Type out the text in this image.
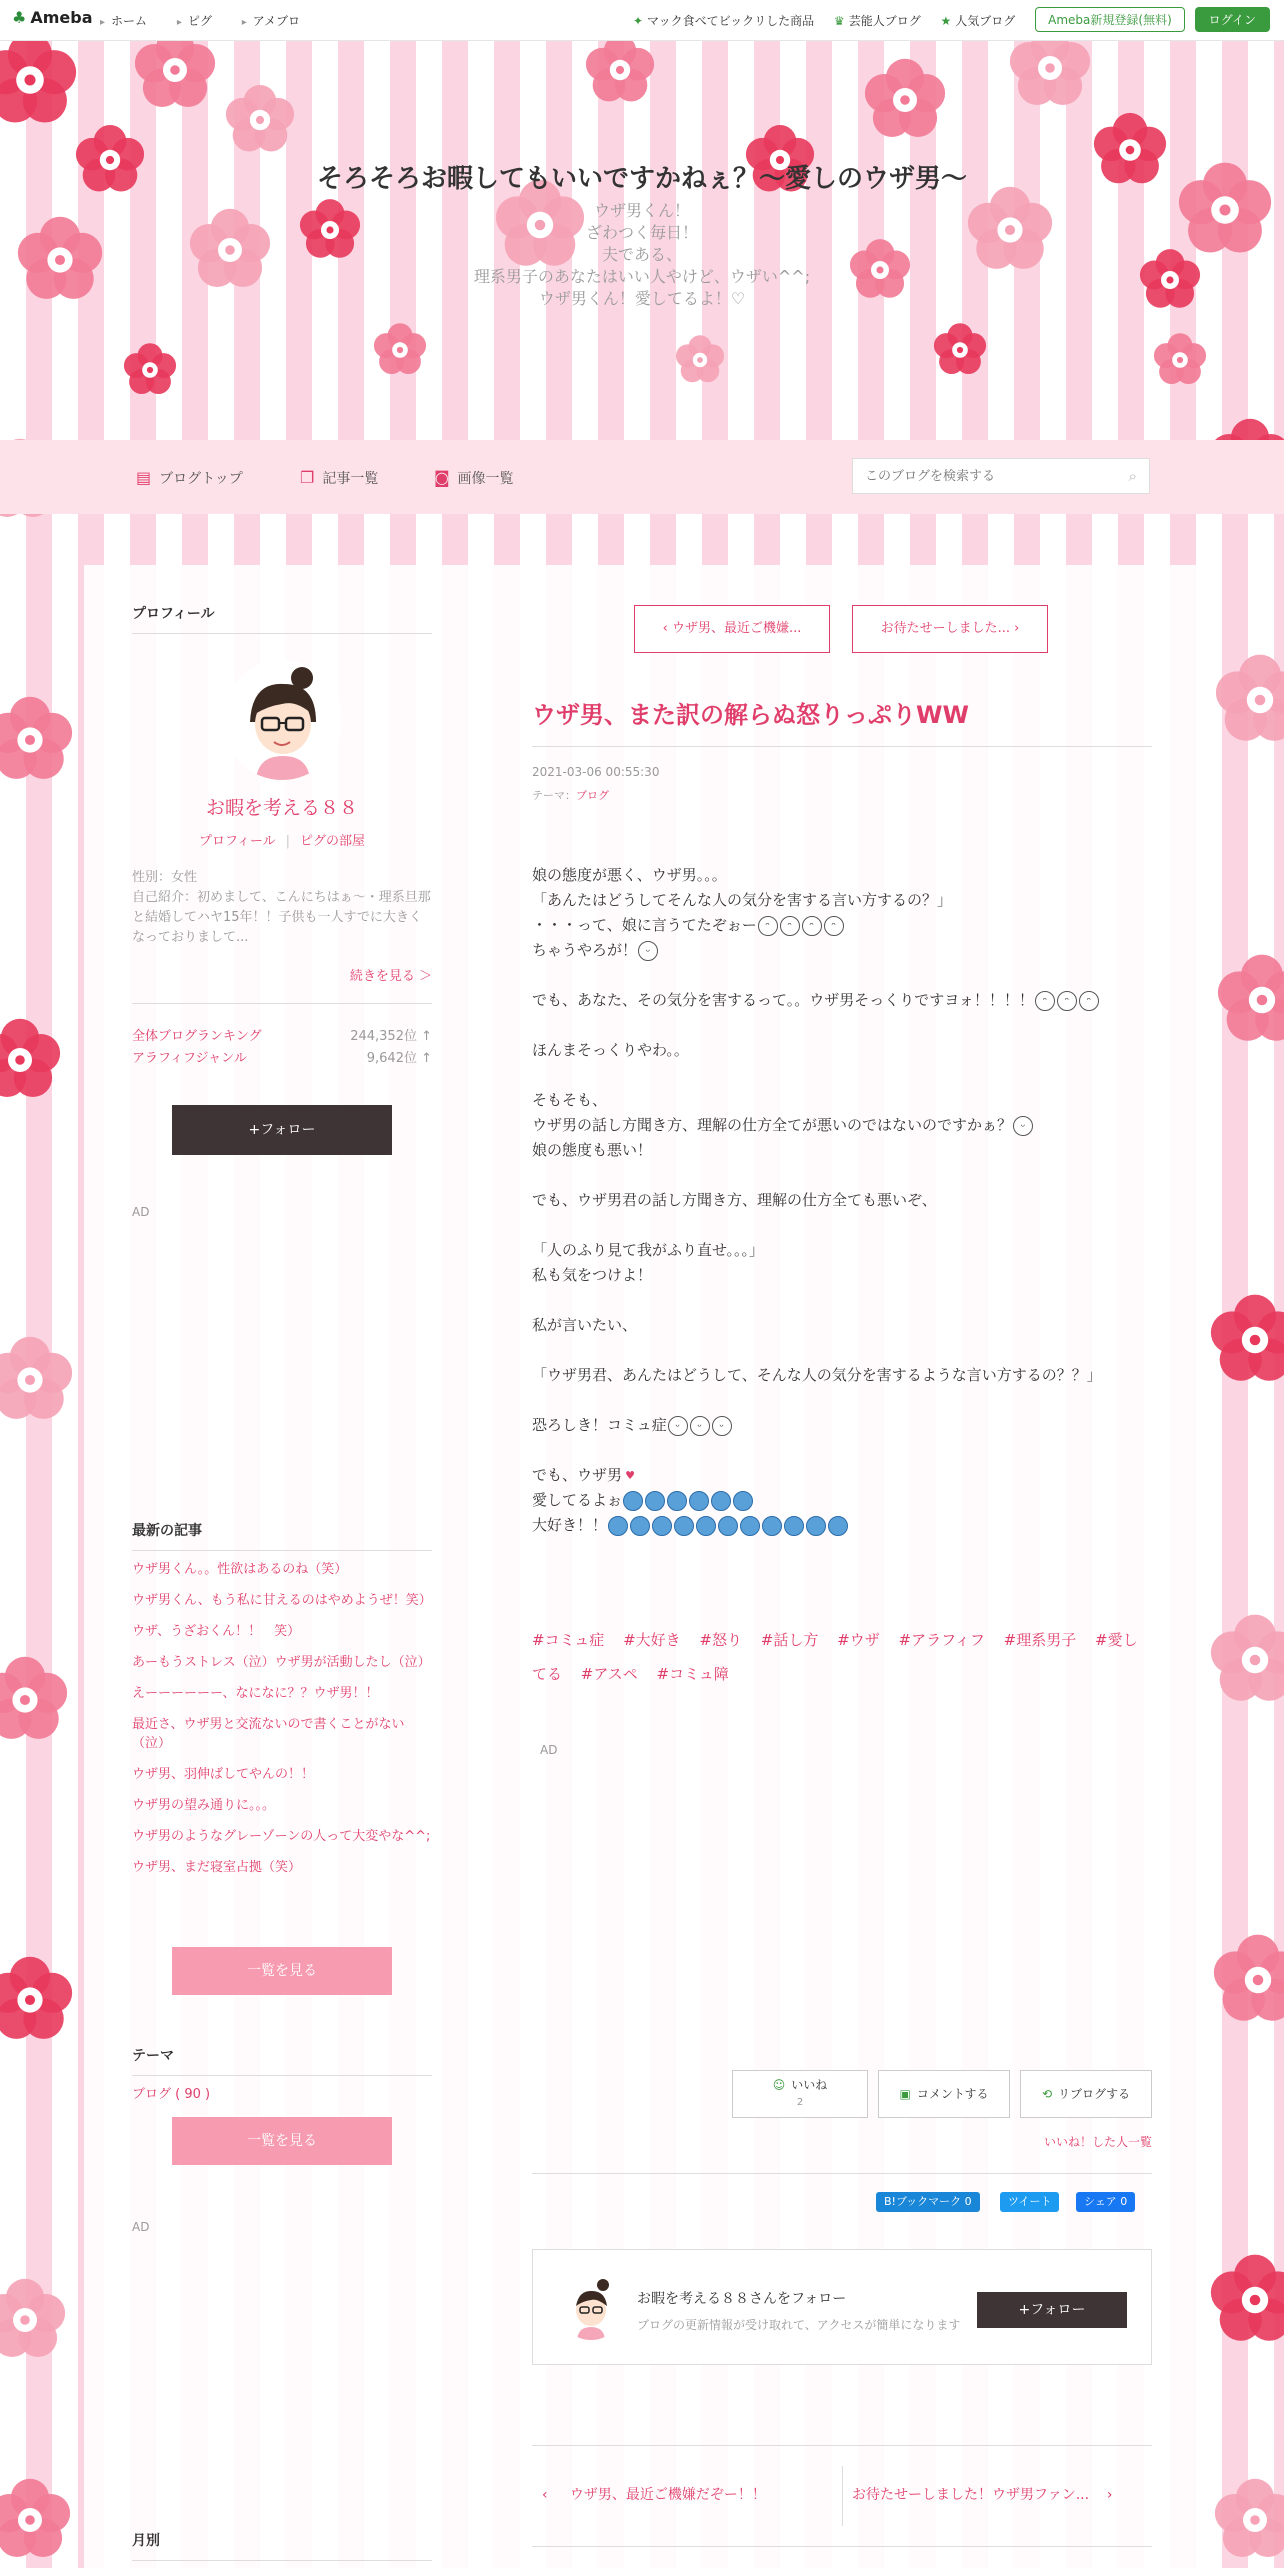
♣ Ameba	▸ ホーム	▸ ピグ	▸ アメブロ	✦ マック食べてビックリした商品 ♛ 芸能人ブログ ★ 人気ブログ	Ameba新規登録(無料)	ログイン
そろそろお暇してもいいですかねぇ？〜愛しのウザ男〜
ウザ男くん！
ざわつく毎日！
夫である、
理系男子のあなたはいい人やけど、ウザい^^;
ウザ男くん！愛してるよ！♡
▤ ブログトップ	❐ 記事一覧	◙ 画像一覧
このブログを検索する	⌕
プロフィール
お暇を考える８８
プロフィール | ピグの部屋
性別：女性
自己紹介：初めまして、こんにちはぁ〜・理系旦那と結婚してハヤ15年！！子供も一人すでに大きくなっておりまして...
続きを見る ＞
全体ブログランキング	244,352位 ↑
アラフィフジャンル	9,642位 ↑
+フォロー
AD
最新の記事
ウザ男くん。。性欲はあるのね（笑）
ウザ男くん、もう私に甘えるのはやめようぜ！笑）
ウザ、うざおくん！！　笑）
あーもうストレス（泣）ウザ男が活動したし（泣）
えーーーーーー、なになに？？ウザ男！！
最近さ、ウザ男と交流ないので書くことがない（泣）
ウザ男、羽伸ばしてやんの！！
ウザ男の望み通りに。。。
ウザ男のようなグレーゾーンの人って大変やな^^;
ウザ男、まだ寝室占拠（笑）
一覧を見る
テーマ
ブログ ( 90 )
一覧を見る
AD
月別
‹ ウザ男、最近ご機嫌...	お待たせーしました... ›
ウザ男、また訳の解らぬ怒りっぷりWW
2021-03-06 00:55:30
テーマ：ブログ

娘の態度が悪く、ウザ男。。。
「あんたはどうしてそんな人の気分を害する言い方するの？」
・・・って、娘に言うてたぞぉー ᵔ ᵔ ᵔ ᵔ
ちゃうやろが！ ᵕ

でも、あなた、その気分を害するって。。ウザ男そっくりですヨォ！！！！ ᵔ ᵔ ᵔ

ほんまそっくりやわ。。

そもそも、
ウザ男の話し方聞き方、理解の仕方全てが悪いのではないのですかぁ？ ᵕ
娘の態度も悪い！

でも、ウザ男君の話し方聞き方、理解の仕方全ても悪いぞ、

「人のふり見て我がふり直せ。。。」
私も気をつけよ！

私が言いたい、

「ウザ男君、あんたはどうして、そんな人の気分を害するような言い方するの？？」

恐ろしき！コミュ症 ᵕ ᵕ ᵕ

でも、ウザ男 ♥
愛してるよぉ
大好き！！

#コミュ症 #大好き #怒り #話し方 #ウザ #アラフィフ #理系男子 #愛してる #アスペ #コミュ障
AD
☺ いいね
2
▣ コメントする	⟲ リブログする
いいね！した人一覧
B!ブックマーク 0	ツイート	シェア 0
お暇を考える８８さんをフォロー
ブログの更新情報が受け取れて、アクセスが簡単になります
+フォロー
‹     ウザ男、最近ご機嫌だぞー！！	お待たせーしました！ウザ男ファン...    ›
